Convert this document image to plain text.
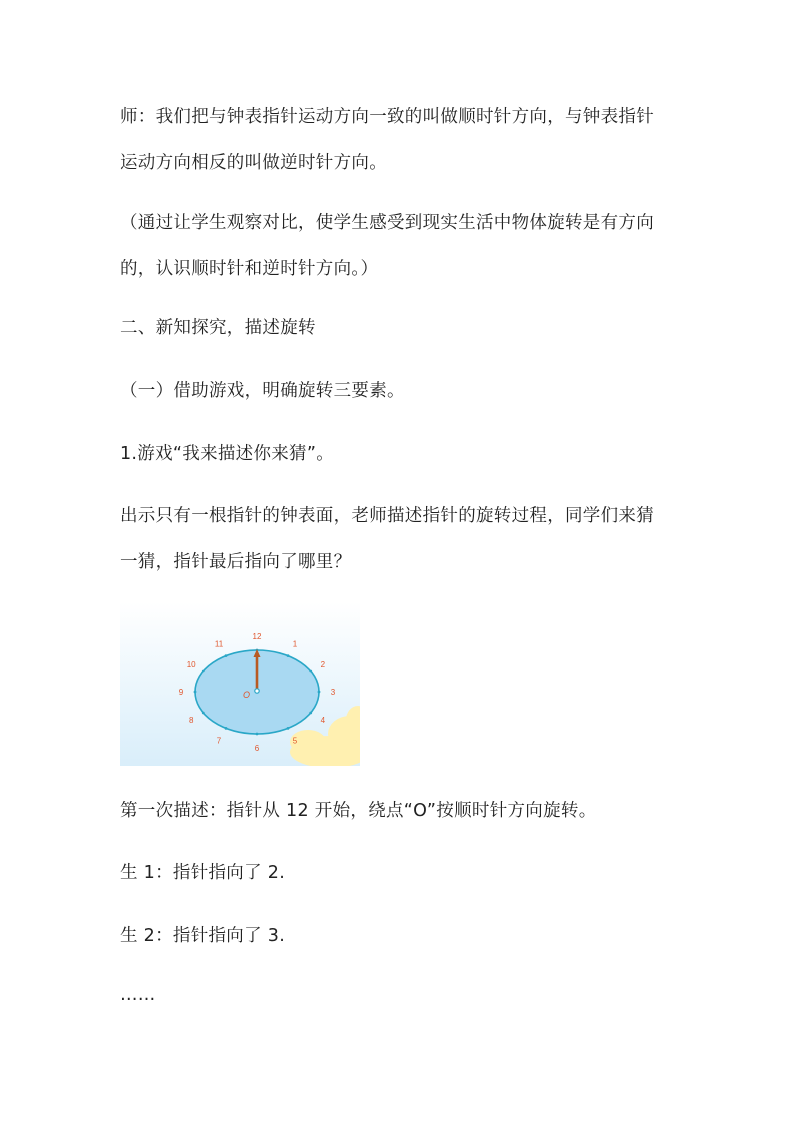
师：我们把与钟表指针运动方向一致的叫做顺时针方向，与钟表指针
运动方向相反的叫做逆时针方向。
（通过让学生观察对比，使学生感受到现实生活中物体旋转是有方向
的，认识顺时针和逆时针方向。）
二、新知探究，描述旋转
（一）借助游戏，明确旋转三要素。
1.游戏“我来描述你来猜”。
出示只有一根指针的钟表面，老师描述指针的旋转过程，同学们来猜
一猜，指针最后指向了哪里？
12
1
2
3
4
5
6
7
8
9
10
11
O
第一次描述：指针从 12 开始，绕点“O”按顺时针方向旋转。
生 1：指针指向了 2.
生 2：指针指向了 3.
……
